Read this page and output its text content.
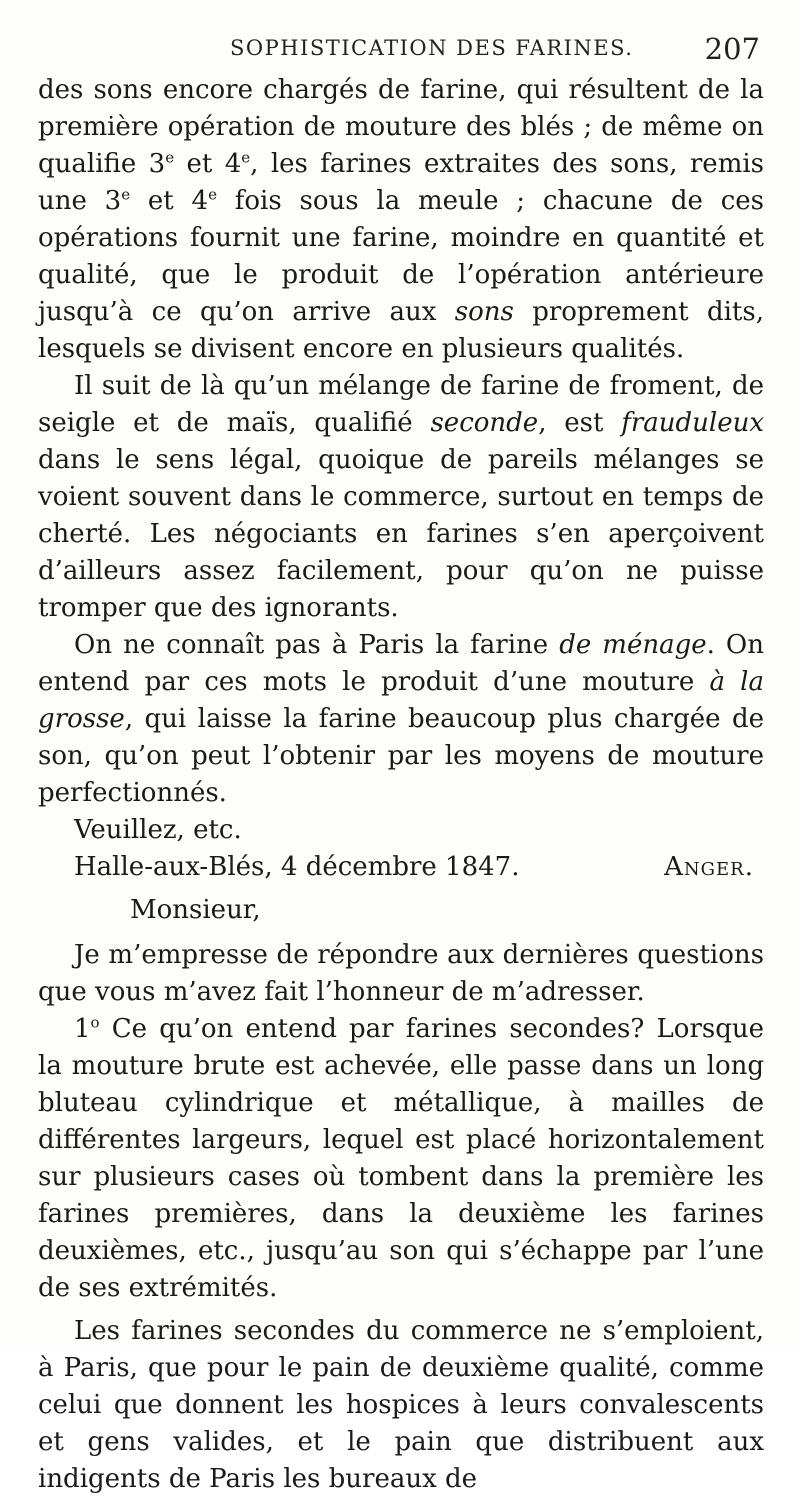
SOPHISTICATION DES FARINES. 207

des sons encore chargés de farine, qui résultent de la première opération de mouture des blés ; de même on qualifie 3e et 4e, les farines extraites des sons, remis une 3e et 4e fois sous la meule ; chacune de ces opérations fournit une farine, moindre en quantité et qualité, que le produit de l’opération antérieure jusqu’à ce qu’on arrive aux sons proprement dits, lesquels se divisent encore en plusieurs qualités.

Il suit de là qu’un mélange de farine de froment, de seigle et de maïs, qualifié seconde, est frauduleux dans le sens légal, quoique de pareils mélanges se voient souvent dans le commerce, surtout en temps de cherté. Les négociants en farines s’en aperçoivent d’ailleurs assez facilement, pour qu’on ne puisse tromper que des ignorants.

On ne connaît pas à Paris la farine de ménage. On entend par ces mots le produit d’une mouture à la grosse, qui laisse la farine beaucoup plus chargée de son, qu’on peut l’obtenir par les moyens de mouture perfectionnés.

Veuillez, etc.

Halle-aux-Blés, 4 décembre 1847.	Anger.

Monsieur,

Je m’empresse de répondre aux dernières questions que vous m’avez fait l’honneur de m’adresser.

1$^o$ Ce qu’on entend par farines secondes? Lorsque la mouture brute est achevée, elle passe dans un long bluteau cylindrique et métallique, à mailles de différentes largeurs, lequel est placé horizontalement sur plusieurs cases où tombent dans la première les farines premières, dans la deuxième les farines deuxièmes, etc., jusqu’au son qui s’échappe par l’une de ses extrémités.

Les farines secondes du commerce ne s’emploient, à Paris, que pour le pain de deuxième qualité, comme celui que donnent les hospices à leurs convalescents et gens valides, et le pain que distribuent aux indigents de Paris les bureaux de
